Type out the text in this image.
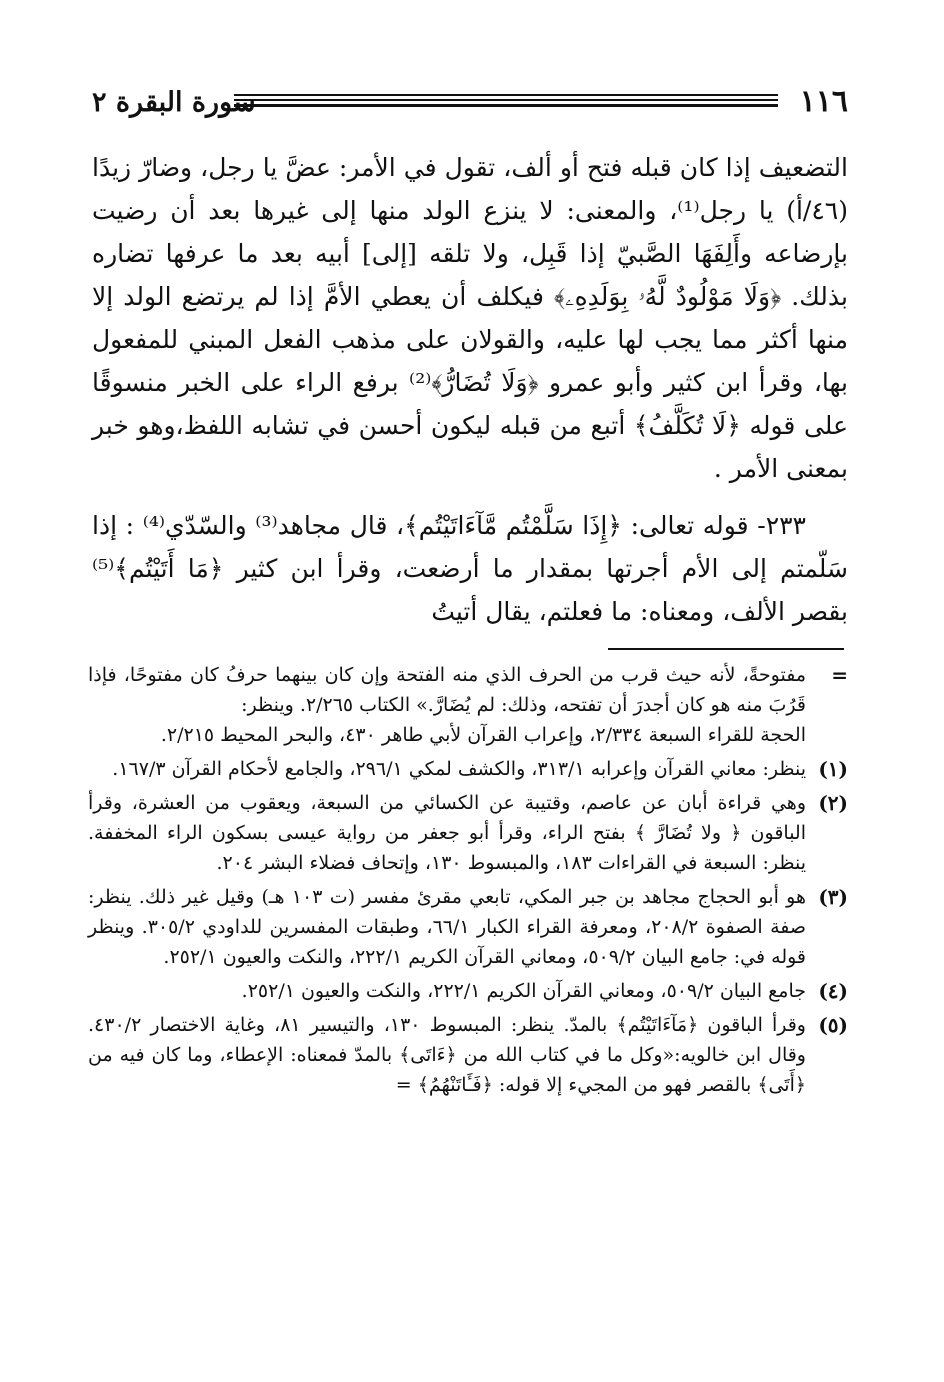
١١٦
سورة البقرة ٢

التضعيف إذا كان قبله فتح أو ألف، تقول في الأمر: عضَّ يا رجل، وضارّ زيدًا (٤٦/أ) يا رجل⁽¹⁾، والمعنى: لا ينزع الولد منها إلى غيرها بعد أن رضيت بإرضاعه وأَلِفَهَا الصَّبيّ إذا قَبِل، ولا تلقه [إلى] أبيه بعد ما عرفها تضاره بذلك. ﴿وَلَا مَوْلُودٌ لَّهُۥ بِوَلَدِهِۦ﴾ فيكلف أن يعطي الأمَّ إذا لم يرتضع الولد إلا منها أكثر مما يجب لها عليه، والقولان على مذهب الفعل المبني للمفعول بها، وقرأ ابن كثير وأبو عمرو ﴿وَلَا تُضَارُّ﴾⁽²⁾ برفع الراء على الخبر منسوقًا على قوله ﴿لَا تُكَلَّفُ﴾ أتبع من قبله ليكون أحسن في تشابه اللفظ،وهو خبر بمعنى الأمر .

٢٣٣- قوله تعالى: ﴿إِذَا سَلَّمْتُم مَّآءَاتَيْتُم﴾، قال مجاهد⁽³⁾ والسّدّي⁽⁴⁾ : إذا سَلّمتم إلى الأم أجرتها بمقدار ما أرضعت، وقرأ ابن كثير ﴿مَا أَتَيْتُم﴾⁽⁵⁾ بقصر الألف، ومعناه: ما فعلتم، يقال أتيتُ

=

مفتوحةً، لأنه حيث قرب من الحرف الذي منه الفتحة وإن كان بينهما حرفُ كان مفتوحًا، فإذا قَرُبَ منه هو كان أجدرَ أن تفتحه، وذلك: لم يُضَارَّ.» الكتاب ٢/٢٦٥. وينظر:

الحجة للقراء السبعة ٢/٣٣٤، وإعراب القرآن لأبي طاهر ٤٣٠، والبحر المحيط ٢/٢١٥.

(١)

ينظر: معاني القرآن وإعرابه ٣١٣/١، والكشف لمكي ٢٩٦/١، والجامع لأحكام القرآن ١٦٧/٣.

(٢)

وهي قراءة أبان عن عاصم، وقتيبة عن الكسائي من السبعة، ويعقوب من العشرة، وقرأ الباقون ﴿ ولا تُضَارَّ ﴾ بفتح الراء، وقرأ أبو جعفر من رواية عيسى بسكون الراء المخففة. ينظر: السبعة في القراءات ١٨٣، والمبسوط ١٣٠، وإتحاف فضلاء البشر ٢٠٤.

(٣)

هو أبو الحجاج مجاهد بن جبر المكي، تابعي مقرئ مفسر (ت ١٠٣ هـ) وقيل غير ذلك. ينظر: صفة الصفوة ٢٠٨/٢، ومعرفة القراء الكبار ٦٦/١، وطبقات المفسرين للداودي ٣٠٥/٢. وينظر قوله في: جامع البيان ٥٠٩/٢، ومعاني القرآن الكريم ٢٢٢/١، والنكت والعيون ٢٥٢/١.

(٤)

جامع البيان ٥٠٩/٢، ومعاني القرآن الكريم ٢٢٢/١، والنكت والعيون ٢٥٢/١.

(٥)

وقرأ الباقون ﴿مَآءَاتَيْتُم﴾ بالمدّ. ينظر: المبسوط ١٣٠، والتيسير ٨١، وغاية الاختصار ٤٣٠/٢. وقال ابن خالويه:«وكل ما في كتاب الله من ﴿ءَاتَى﴾ بالمدّ فمعناه: الإعطاء، وما كان فيه من ﴿أَتَى﴾ بالقصر فهو من المجيء إلا قوله: ﴿فَـَٔاتَنْهُمُ﴾ =
